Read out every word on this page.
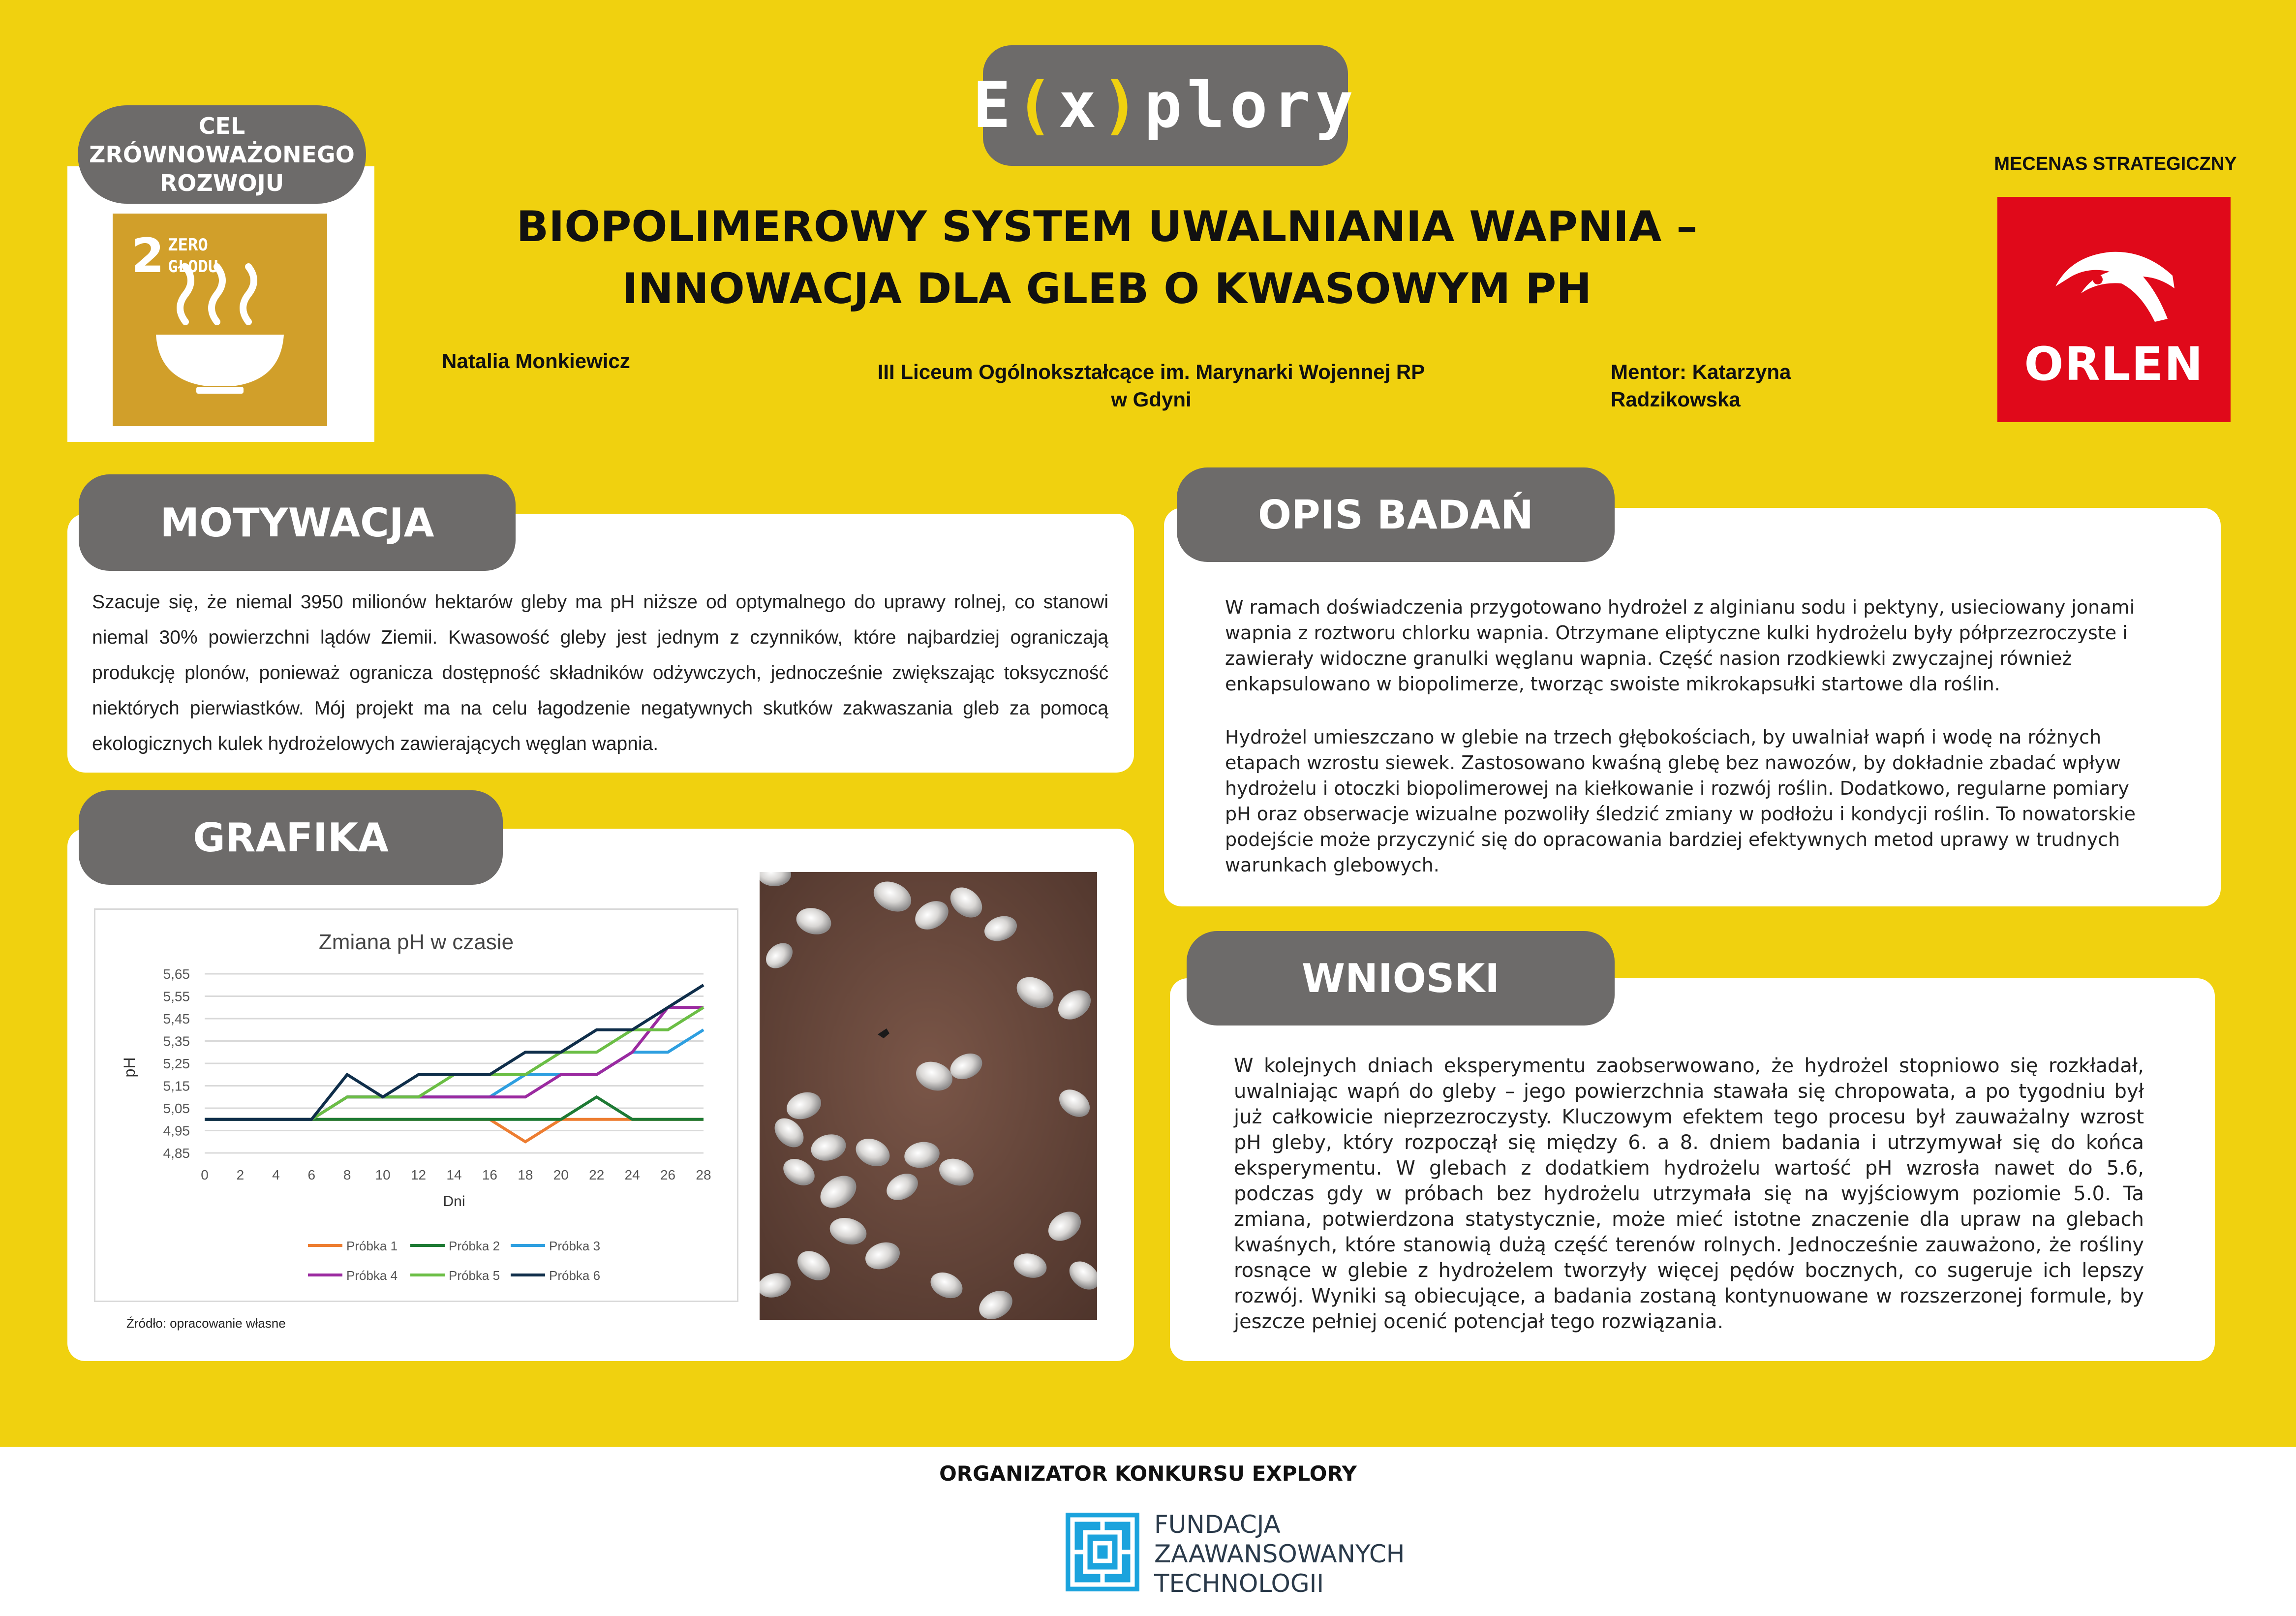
E ( x ) plory
CEL
ZRÓWNOWAŻONEGO
ROZWOJU
2 ZERO
GŁODU
MECENAS STRATEGICZNY
ORLEN
BIOPOLIMEROWY SYSTEM UWALNIANIA WAPNIA –
INNOWACJA DLA GLEB O KWASOWYM PH
Natalia Monkiewicz	III Liceum Ogólnokształcące im. Marynarki Wojennej RP
w Gdyni
Mentor: Katarzyna
Radzikowska
Szacuje się, że niemal 3950 milionów hektarów gleby ma pH niższe od optymalnego do uprawy rolnej, co stanowi niemal 30% powierzchni lądów Ziemii. Kwasowość gleby jest jednym z czynników, które najbardziej ograniczają produkcję plonów, ponieważ ogranicza dostępność składników odżywczych, jednocześnie zwiększając toksyczność niektórych pierwiastków. Mój projekt ma na celu łagodzenie negatywnych skutków zakwaszania gleb za pomocą ekologicznych kulek hydrożelowych zawierających węglan wapnia.
MOTYWACJA
Zmiana pH w czasie
pH
Dni
5,65
5,55
5,45
5,35
5,25
5,15
5,05
4,95
4,85
0 2 4 6 8 10 12 14 16 18 20 22 24 26 28
Próbka 1	Próbka 2	Próbka 3
Próbka 4	Próbka 5	Próbka 6
Źródło: opracowanie własne
GRAFIKA
W ramach doświadczenia przygotowano hydrożel z alginianu sodu i pektyny, usieciowany jonami wapnia z roztworu chlorku wapnia. Otrzymane eliptyczne kulki hydrożelu były półprzezroczyste i zawierały widoczne granulki węglanu wapnia. Część nasion rzodkiewki zwyczajnej również enkapsulowano w biopolimerze, tworząc swoiste mikrokapsułki startowe dla roślin.
Hydrożel umieszczano w glebie na trzech głębokościach, by uwalniał wapń i wodę na różnych etapach wzrostu siewek. Zastosowano kwaśną glebę bez nawozów, by dokładnie zbadać wpływ hydrożelu i otoczki biopolimerowej na kiełkowanie i rozwój roślin. Dodatkowo, regularne pomiary pH oraz obserwacje wizualne pozwoliły śledzić zmiany w podłożu i kondycji roślin. To nowatorskie podejście może przyczynić się do opracowania bardziej efektywnych metod uprawy w trudnych warunkach glebowych.
OPIS BADAŃ
W kolejnych dniach eksperymentu zaobserwowano, że hydrożel stopniowo się rozkładał, uwalniając wapń do gleby – jego powierzchnia stawała się chropowata, a po tygodniu był już całkowicie nieprzezroczysty. Kluczowym efektem tego procesu był zauważalny wzrost pH gleby, który rozpoczął się między 6. a 8. dniem badania i utrzymywał się do końca eksperymentu. W glebach z dodatkiem hydrożelu wartość pH wzrosła nawet do 5.6, podczas gdy w próbach bez hydrożelu utrzymała się na wyjściowym poziomie 5.0. Ta zmiana, potwierdzona statystycznie, może mieć istotne znaczenie dla upraw na glebach kwaśnych, które stanowią dużą część terenów rolnych. Jednocześnie zauważono, że rośliny rosnące w glebie z hydrożelem tworzyły więcej pędów bocznych, co sugeruje ich lepszy rozwój. Wyniki są obiecujące, a badania zostaną kontynuowane w rozszerzonej formule, by jeszcze pełniej ocenić potencjał tego rozwiązania.
WNIOSKI
ORGANIZATOR KONKURSU EXPLORY
FUNDACJA
ZAAWANSOWANYCH
TECHNOLOGII
